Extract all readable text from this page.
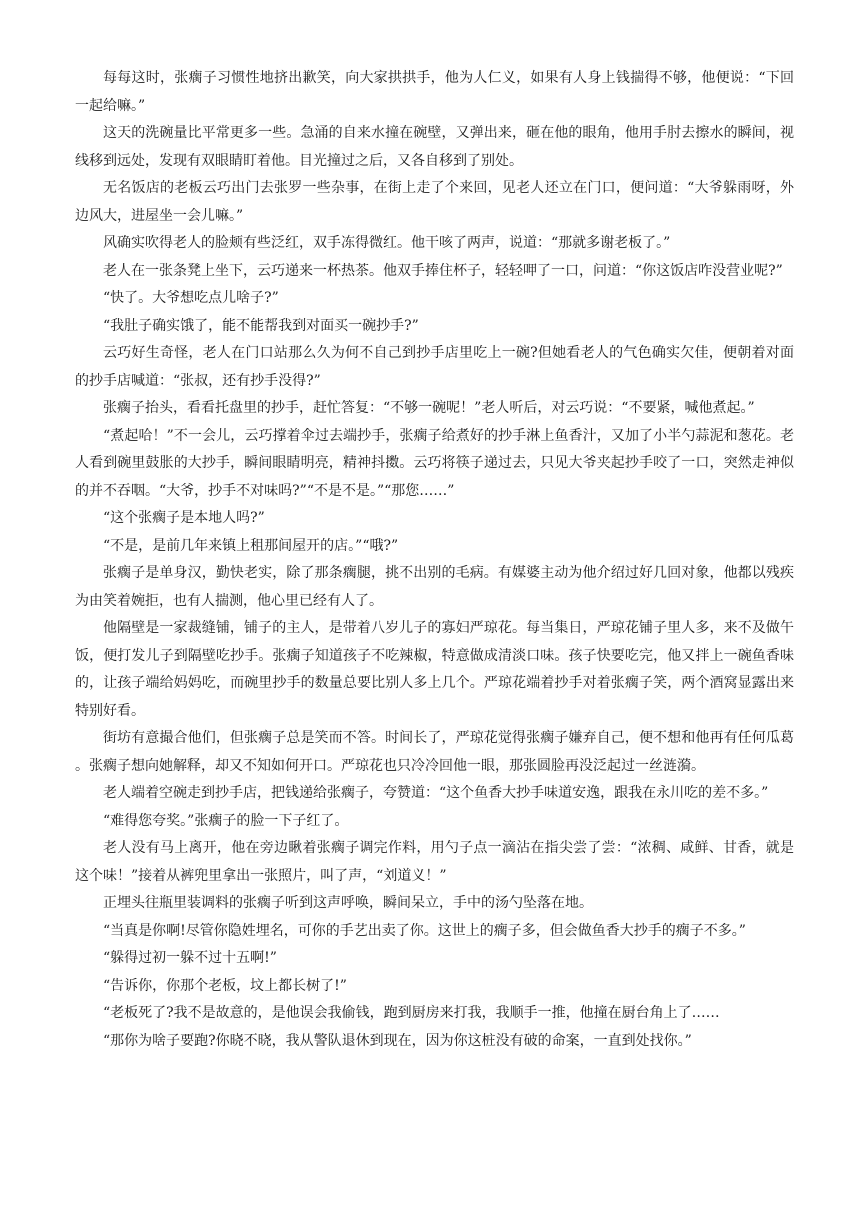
每每这时，张瘸子习惯性地挤出歉笑，向大家拱拱手，他为人仁义，如果有人身上钱揣得不够，他便说：“下回一起给嘛。”

这天的洗碗量比平常更多一些。急涌的自来水撞在碗壁，又弹出来，砸在他的眼角，他用手肘去擦水的瞬间，视线移到远处，发现有双眼睛盯着他。目光撞过之后，又各自移到了别处。

无名饭店的老板云巧出门去张罗一些杂事，在街上走了个来回，见老人还立在门口，便问道：“大爷躲雨呀，外边风大，进屋坐一会儿嘛。”

风确实吹得老人的脸颊有些泛红，双手冻得微红。他干咳了两声，说道：“那就多谢老板了。”

老人在一张条凳上坐下，云巧递来一杯热茶。他双手捧住杯子，轻轻呷了一口，问道：“你这饭店咋没营业呢?”

“快了。大爷想吃点儿啥子?”

“我肚子确实饿了，能不能帮我到对面买一碗抄手?”

云巧好生奇怪，老人在门口站那么久为何不自己到抄手店里吃上一碗?但她看老人的气色确实欠佳，便朝着对面的抄手店喊道：“张叔，还有抄手没得?”

张瘸子抬头，看看托盘里的抄手，赶忙答复：“不够一碗呢！”老人听后，对云巧说：“不要紧，喊他煮起。”

“煮起哈！”不一会儿，云巧撑着伞过去端抄手，张瘸子给煮好的抄手淋上鱼香汁，又加了小半勺蒜泥和葱花。老人看到碗里鼓胀的大抄手，瞬间眼睛明亮，精神抖擞。云巧将筷子递过去，只见大爷夹起抄手咬了一口，突然走神似的并不吞咽。“大爷，抄手不对味吗?”“不是不是。”“那您……”

“这个张瘸子是本地人吗?”

“不是，是前几年来镇上租那间屋开的店。”“哦?”

张瘸子是单身汉，勤快老实，除了那条瘸腿，挑不出别的毛病。有媒婆主动为他介绍过好几回对象，他都以残疾为由笑着婉拒，也有人揣测，他心里已经有人了。

他隔壁是一家裁缝铺，铺子的主人，是带着八岁儿子的寡妇严琼花。每当集日，严琼花铺子里人多，来不及做午饭，便打发儿子到隔壁吃抄手。张瘸子知道孩子不吃辣椒，特意做成清淡口味。孩子快要吃完，他又拌上一碗鱼香味的，让孩子端给妈妈吃，而碗里抄手的数量总要比别人多上几个。严琼花端着抄手对着张瘸子笑，两个酒窝显露出来特别好看。

街坊有意撮合他们，但张瘸子总是笑而不答。时间长了，严琼花觉得张瘸子嫌弃自己，便不想和他再有任何瓜葛。张瘸子想向她解释，却又不知如何开口。严琼花也只冷冷回他一眼，那张圆脸再没泛起过一丝涟漪。

老人端着空碗走到抄手店，把钱递给张瘸子，夸赞道：“这个鱼香大抄手味道安逸，跟我在永川吃的差不多。”

“难得您夸奖。”张瘸子的脸一下子红了。

老人没有马上离开，他在旁边瞅着张瘸子调完作料，用勺子点一滴沾在指尖尝了尝：“浓稠、咸鲜、甘香，就是这个味！”接着从裤兜里拿出一张照片，叫了声，“刘道义！”

正埋头往瓶里装调料的张瘸子听到这声呼唤，瞬间呆立，手中的汤勺坠落在地。

“当真是你啊!尽管你隐姓埋名，可你的手艺出卖了你。这世上的瘸子多，但会做鱼香大抄手的瘸子不多。”

“躲得过初一躲不过十五啊!”

“告诉你，你那个老板，坟上都长树了!”

“老板死了?我不是故意的，是他误会我偷钱，跑到厨房来打我，我顺手一推，他撞在厨台角上了……

“那你为啥子要跑?你晓不晓，我从警队退休到现在，因为你这桩没有破的命案，一直到处找你。”
